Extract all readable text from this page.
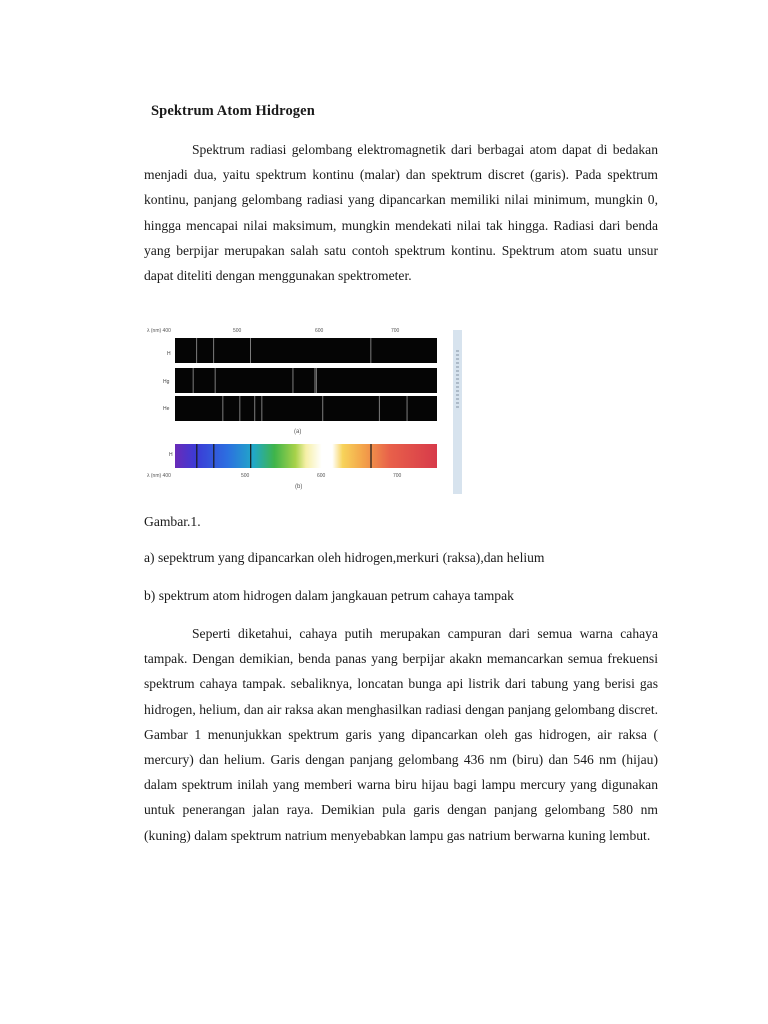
Spektrum Atom Hidrogen
Spektrum radiasi gelombang elektromagnetik dari berbagai atom dapat di bedakan menjadi dua, yaitu spektrum kontinu (malar) dan spektrum discret (garis). Pada spektrum kontinu, panjang gelombang radiasi yang dipancarkan memiliki nilai minimum, mungkin 0, hingga mencapai nilai maksimum, mungkin mendekati nilai tak hingga. Radiasi dari benda yang berpijar merupakan salah satu contoh spektrum kontinu. Spektrum atom suatu unsur dapat diteliti dengan menggunakan spektrometer.
λ (nm) 400	500	600	700
H
Hg
He
(a)
H
λ (nm) 400	500	600	700
(b)
Gambar.1.
a) sepektrum yang dipancarkan oleh hidrogen,merkuri (raksa),dan helium
b) spektrum atom hidrogen dalam jangkauan petrum cahaya tampak
Seperti diketahui, cahaya putih merupakan campuran dari semua warna cahaya tampak. Dengan demikian, benda panas yang berpijar akakn memancarkan semua frekuensi spektrum cahaya tampak. sebaliknya, loncatan bunga api listrik dari tabung yang berisi gas hidrogen, helium, dan air raksa akan menghasilkan radiasi dengan panjang gelombang discret. Gambar 1 menunjukkan spektrum garis yang dipancarkan oleh gas hidrogen, air raksa ( mercury) dan helium. Garis dengan panjang gelombang 436 nm (biru) dan 546 nm (hijau) dalam spektrum inilah yang memberi warna biru hijau bagi lampu mercury yang digunakan untuk penerangan jalan raya. Demikian pula garis dengan panjang gelombang 580 nm (kuning) dalam spektrum natrium menyebabkan lampu gas natrium berwarna kuning lembut.
